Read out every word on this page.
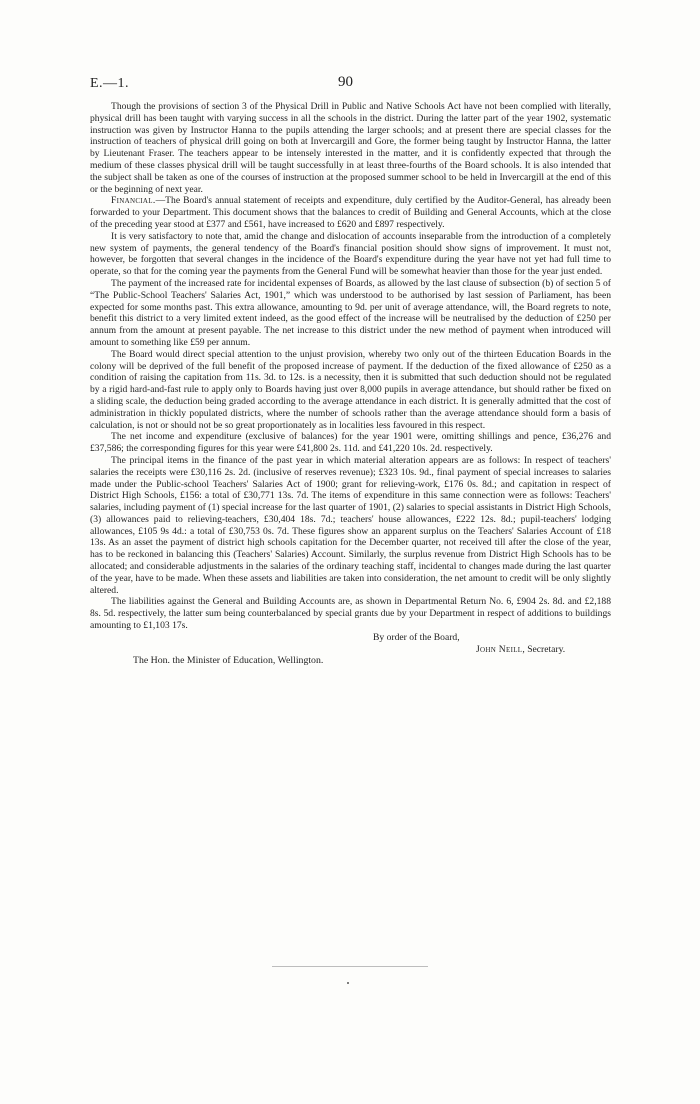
E.—1.	90

Though the provisions of section 3 of the Physical Drill in Public and Native Schools Act have not been complied with literally, physical drill has been taught with varying success in all the schools in the district. During the latter part of the year 1902, systematic instruction was given by Instructor Hanna to the pupils attending the larger schools; and at present there are special classes for the instruction of teachers of physical drill going on both at Invercargill and Gore, the former being taught by Instructor Hanna, the latter by Lieutenant Fraser. The teachers appear to be intensely interested in the matter, and it is confidently expected that through the medium of these classes physical drill will be taught successfully in at least three-fourths of the Board schools. It is also intended that the subject shall be taken as one of the courses of instruction at the proposed summer school to be held in Invercargill at the end of this or the beginning of next year.

Financial.—The Board's annual statement of receipts and expenditure, duly certified by the Auditor-General, has already been forwarded to your Department. This document shows that the balances to credit of Building and General Accounts, which at the close of the preceding year stood at £377 and £561, have increased to £620 and £897 respectively.

It is very satisfactory to note that, amid the change and dislocation of accounts inseparable from the introduction of a completely new system of payments, the general tendency of the Board's financial position should show signs of improvement. It must not, however, be forgotten that several changes in the incidence of the Board's expenditure during the year have not yet had full time to operate, so that for the coming year the payments from the General Fund will be somewhat heavier than those for the year just ended.

The payment of the increased rate for incidental expenses of Boards, as allowed by the last clause of subsection (b) of section 5 of “The Public-School Teachers' Salaries Act, 1901,” which was understood to be authorised by last session of Parliament, has been expected for some months past. This extra allowance, amounting to 9d. per unit of average attendance, will, the Board regrets to note, benefit this district to a very limited extent indeed, as the good effect of the increase will be neutralised by the deduction of £250 per annum from the amount at present payable. The net increase to this district under the new method of payment when introduced will amount to something like £59 per annum.

The Board would direct special attention to the unjust provision, whereby two only out of the thirteen Education Boards in the colony will be deprived of the full benefit of the proposed increase of payment. If the deduction of the fixed allowance of £250 as a condition of raising the capitation from 11s. 3d. to 12s. is a necessity, then it is submitted that such deduction should not be regulated by a rigid hard-and-fast rule to apply only to Boards having just over 8,000 pupils in average attendance, but should rather be fixed on a sliding scale, the deduction being graded according to the average attendance in each district. It is generally admitted that the cost of administration in thickly populated districts, where the number of schools rather than the average attendance should form a basis of calculation, is not or should not be so great proportionately as in localities less favoured in this respect.

The net income and expenditure (exclusive of balances) for the year 1901 were, omitting shillings and pence, £36,276 and £37,586; the corresponding figures for this year were £41,800 2s. 11d. and £41,220 10s. 2d. respectively.

The principal items in the finance of the past year in which material alteration appears are as follows: In respect of teachers' salaries the receipts were £30,116 2s. 2d. (inclusive of reserves revenue); £323 10s. 9d., final payment of special increases to salaries made under the Public-school Teachers' Salaries Act of 1900; grant for relieving-work, £176 0s. 8d.; and capitation in respect of District High Schools, £156: a total of £30,771 13s. 7d. The items of expenditure in this same connection were as follows: Teachers' salaries, including payment of (1) special increase for the last quarter of 1901, (2) salaries to special assistants in District High Schools, (3) allowances paid to relieving-teachers, £30,404 18s. 7d.; teachers' house allowances, £222 12s. 8d.; pupil-teachers' lodging allowances, £105 9s 4d.: a total of £30,753 0s. 7d. These figures show an apparent surplus on the Teachers' Salaries Account of £18 13s. As an asset the payment of district high schools capitation for the December quarter, not received till after the close of the year, has to be reckoned in balancing this (Teachers' Salaries) Account. Similarly, the surplus revenue from District High Schools has to be allocated; and considerable adjustments in the salaries of the ordinary teaching staff, incidental to changes made during the last quarter of the year, have to be made. When these assets and liabilities are taken into consideration, the net amount to credit will be only slightly altered.

The liabilities against the General and Building Accounts are, as shown in Departmental Return No. 6, £904 2s. 8d. and £2,188 8s. 5d. respectively, the latter sum being counterbalanced by special grants due by your Department in respect of additions to buildings amounting to £1,103 17s.

By order of the Board,

John Neill, Secretary.

The Hon. the Minister of Education, Wellington.
